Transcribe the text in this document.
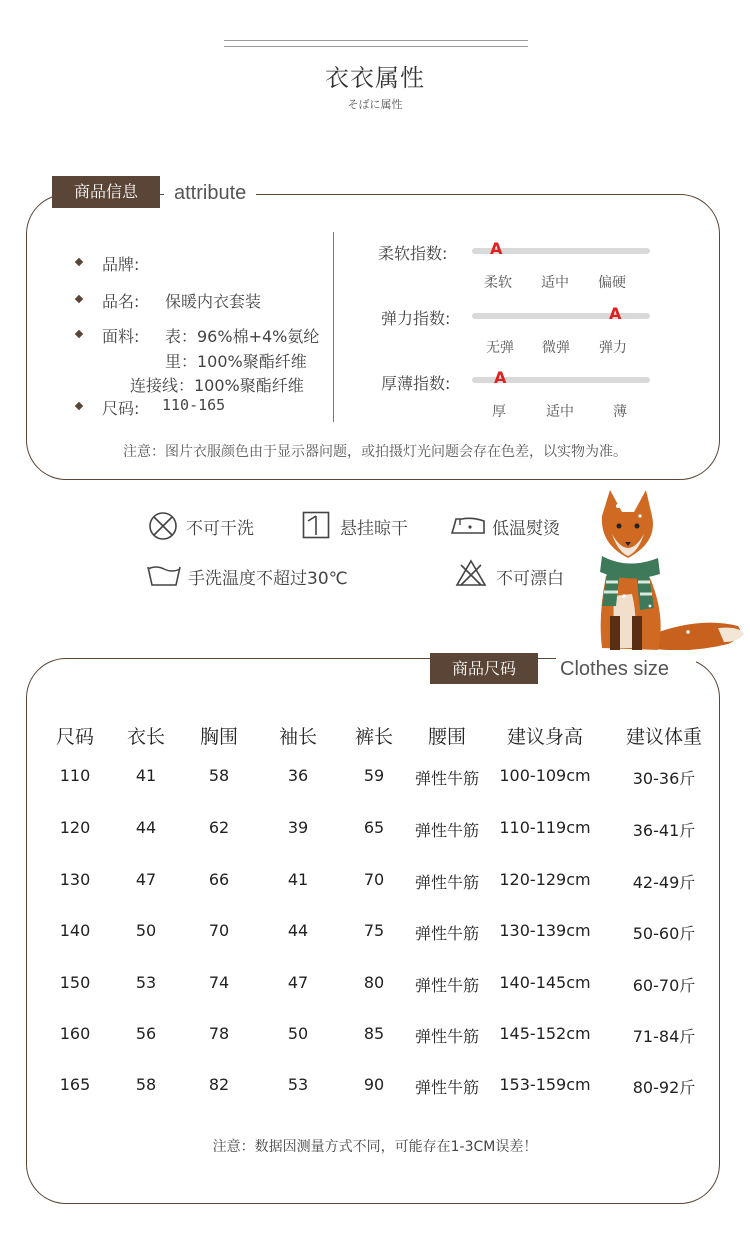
衣衣属性
そばに属性
商品信息	attribute
品牌:
品名: 保暖内衣套装
面料: 表：96%棉+4%氨纶
里：100%聚酯纤维
连接线：100%聚酯纤维
尺码: 110-165
柔软指数:	A
柔软 适中 偏硬
弹力指数:	A
无弹 微弹 弹力
厚薄指数:	A
厚	适中	薄
注意：图片衣服颜色由于显示器问题，或拍摄灯光问题会存在色差，以实物为准。
不可干洗	悬挂晾干	低温熨烫
手洗温度不超过30℃	不可漂白
商品尺码	Clothes size
尺码	衣长	胸围	袖长	裤长	腰围	建议身高	建议体重
110	41	58	36	59	弹性牛筋	100-109cm	30-36斤
120	44	62	39	65	弹性牛筋	110-119cm	36-41斤
130	47	66	41	70	弹性牛筋	120-129cm	42-49斤
140	50	70	44	75	弹性牛筋	130-139cm	50-60斤
150	53	74	47	80	弹性牛筋	140-145cm	60-70斤
160	56	78	50	85	弹性牛筋	145-152cm	71-84斤
165	58	82	53	90	弹性牛筋	153-159cm	80-92斤
注意：数据因测量方式不同，可能存在1-3CM误差！
